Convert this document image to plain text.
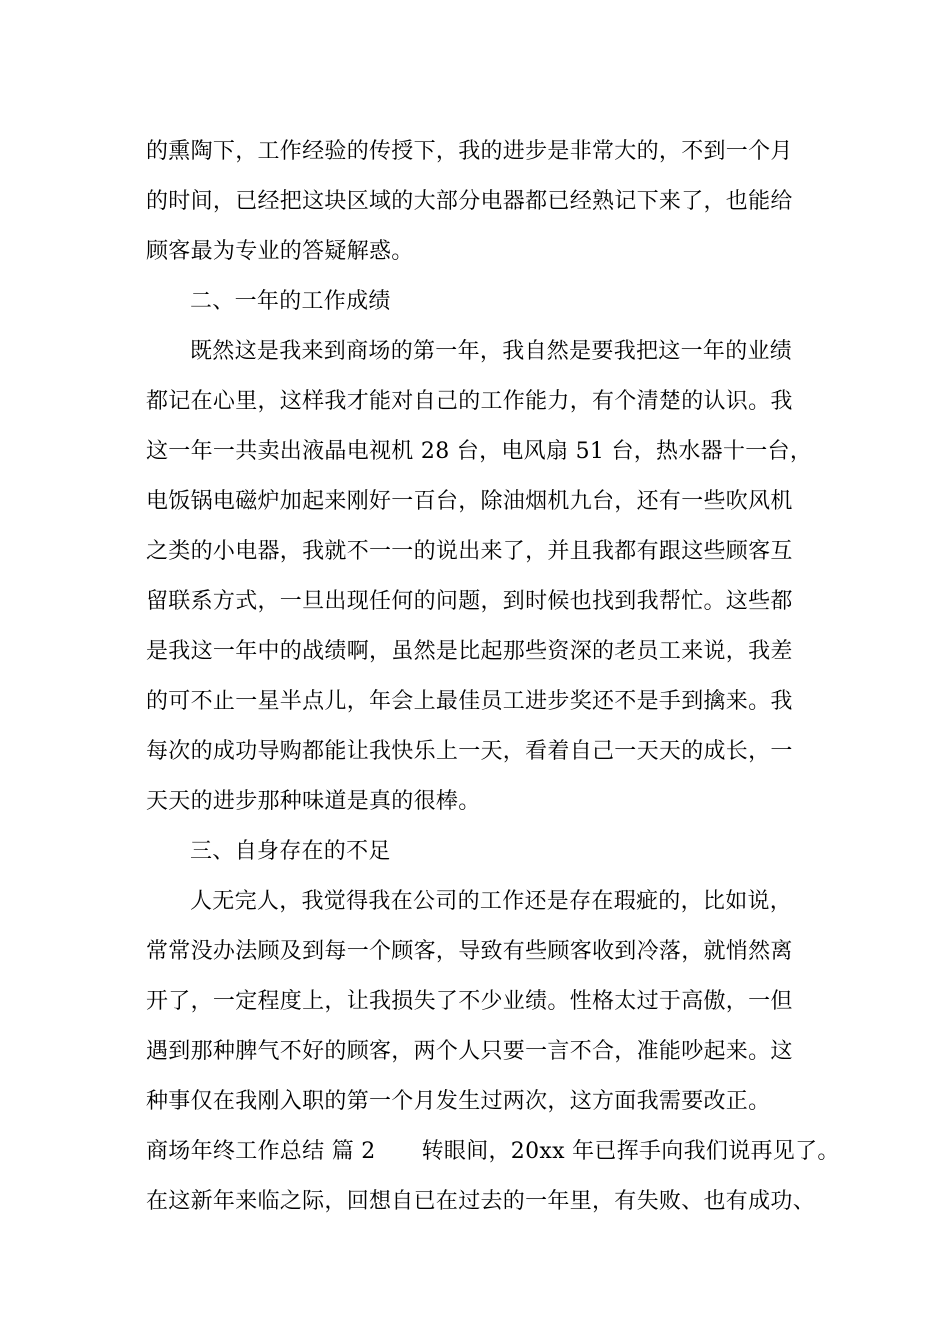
的熏陶下，工作经验的传授下，我的进步是非常大的，不到一个月
的时间，已经把这块区域的大部分电器都已经熟记下来了，也能给
顾客最为专业的答疑解惑。
二、一年的工作成绩
既然这是我来到商场的第一年，我自然是要我把这一年的业绩
都记在心里，这样我才能对自己的工作能力，有个清楚的认识。我
这一年一共卖出液晶电视机 28 台，电风扇 51 台，热水器十一台，
电饭锅电磁炉加起来刚好一百台，除油烟机九台，还有一些吹风机
之类的小电器，我就不一一的说出来了，并且我都有跟这些顾客互
留联系方式，一旦出现任何的问题，到时候也找到我帮忙。这些都
是我这一年中的战绩啊，虽然是比起那些资深的老员工来说，我差
的可不止一星半点儿，年会上最佳员工进步奖还不是手到擒来。我
每次的成功导购都能让我快乐上一天，看着自己一天天的成长，一
天天的进步那种味道是真的很棒。
三、自身存在的不足
人无完人，我觉得我在公司的工作还是存在瑕疵的，比如说，
常常没办法顾及到每一个顾客，导致有些顾客收到冷落，就悄然离
开了，一定程度上，让我损失了不少业绩。性格太过于高傲，一但
遇到那种脾气不好的顾客，两个人只要一言不合，准能吵起来。这
种事仅在我刚入职的第一个月发生过两次，这方面我需要改正。
商场年终工作总结 篇 2 转眼间，20xx 年已挥手向我们说再见了。
在这新年来临之际，回想自已在过去的一年里，有失败、也有成功、
